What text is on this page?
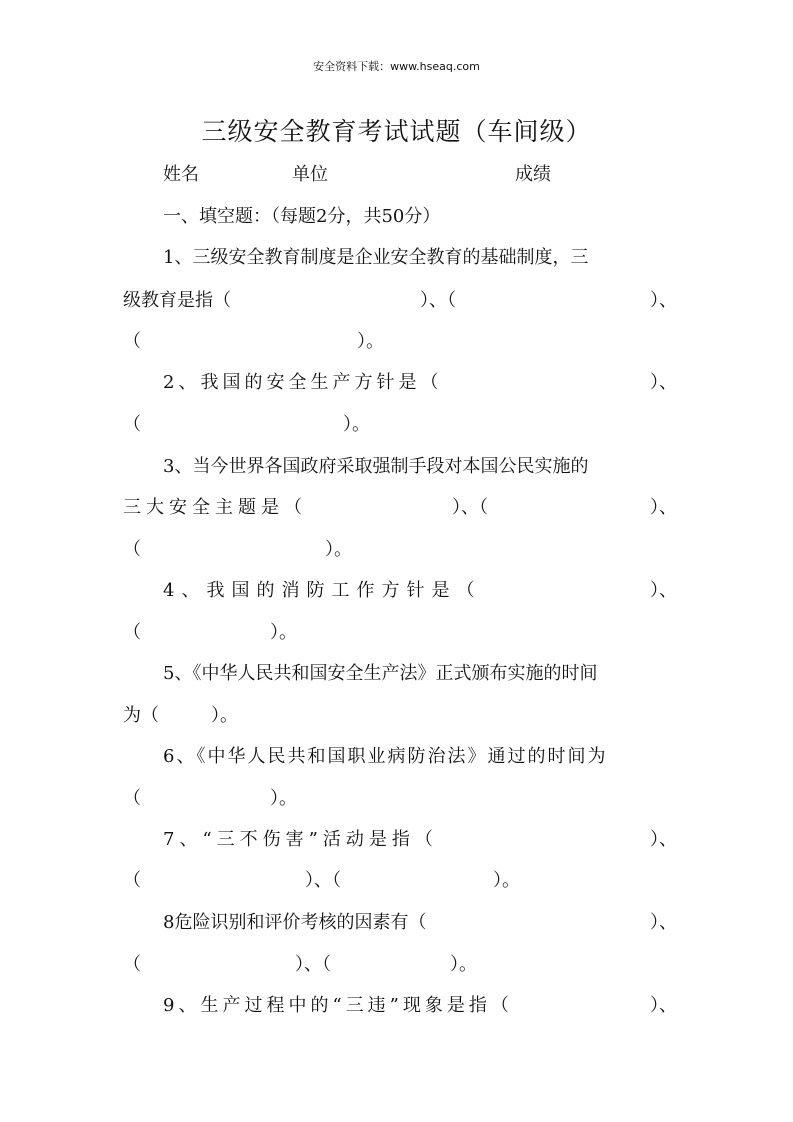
安全资料下载：www.hseaq.com
三级安全教育考试试题（车间级）
姓名	单位	成绩
一、填空题：（每题2分，共50分）
1、三级安全教育制度是企业安全教育的基础制度，三
级教育是指（	）、（	）、
（	）。
2、我国的安全生产方针是（	）、
（	）。
3、当今世界各国政府采取强制手段对本国公民实施的
三大安全主题是（	）、（	）、
（	）。
4、我国的消防工作方针是（	）、
（	）。
5、《中华人民共和国安全生产法》正式颁布实施的时间
为（	）。
6、《中华人民共和国职业病防治法》通过的时间为
（	）。
7、“三不伤害”活动是指（	）、
（	）、（	）。
8危险识别和评价考核的因素有（	）、
（	）、（	）。
9、生产过程中的“三违”现象是指（	）、
